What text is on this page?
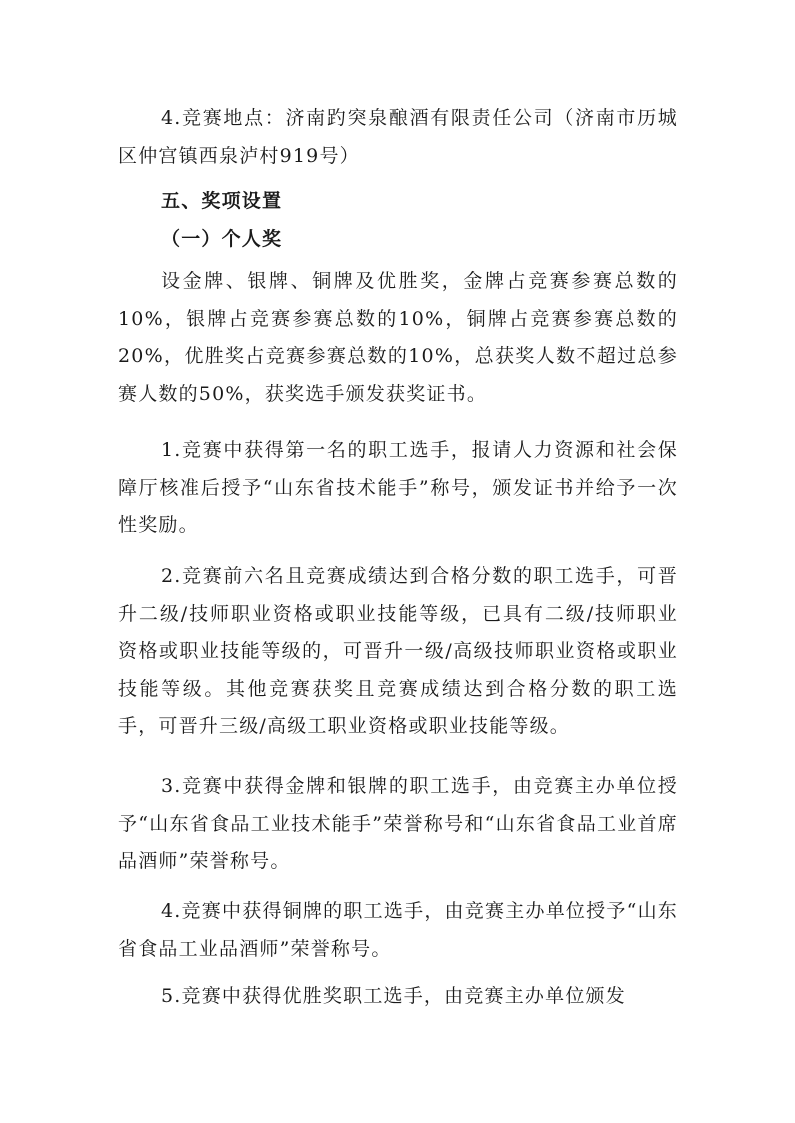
4.竞赛地点：济南趵突泉酿酒有限责任公司（济南市历城区仲宫镇西泉泸村919号）

五、奖项设置
（一）个人奖

设金牌、银牌、铜牌及优胜奖，金牌占竞赛参赛总数的10%，银牌占竞赛参赛总数的10%，铜牌占竞赛参赛总数的20%，优胜奖占竞赛参赛总数的10%，总获奖人数不超过总参赛人数的50%，获奖选手颁发获奖证书。

1.竞赛中获得第一名的职工选手，报请人力资源和社会保障厅核准后授予“山东省技术能手”称号，颁发证书并给予一次性奖励。

2.竞赛前六名且竞赛成绩达到合格分数的职工选手，可晋升二级/技师职业资格或职业技能等级，已具有二级/技师职业资格或职业技能等级的，可晋升一级/高级技师职业资格或职业技能等级。其他竞赛获奖且竞赛成绩达到合格分数的职工选手，可晋升三级/高级工职业资格或职业技能等级。

3.竞赛中获得金牌和银牌的职工选手，由竞赛主办单位授予“山东省食品工业技术能手”荣誉称号和“山东省食品工业首席品酒师”荣誉称号。

4.竞赛中获得铜牌的职工选手，由竞赛主办单位授予“山东省食品工业品酒师”荣誉称号。

5.竞赛中获得优胜奖职工选手，由竞赛主办单位颁发
